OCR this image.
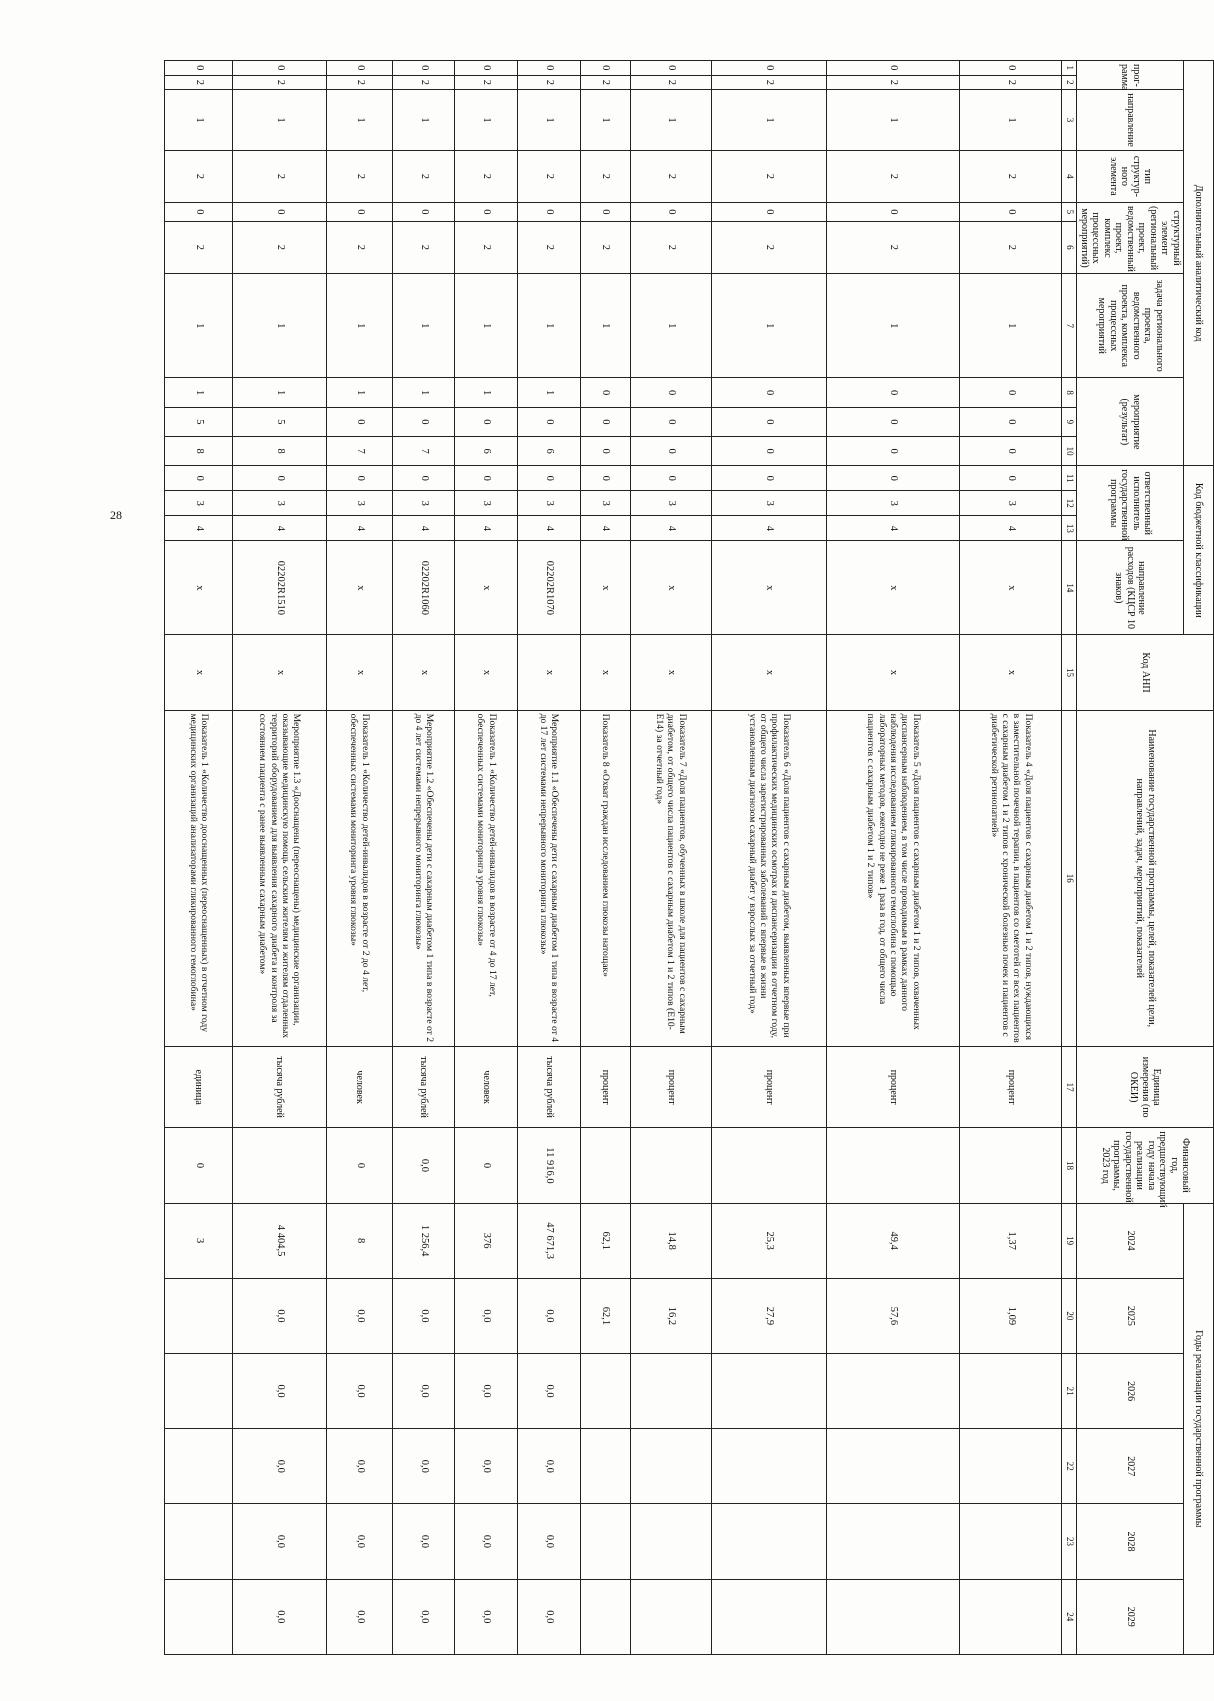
28
Дополнительный аналитический код										Код бюджетной классификации				Код АНП	Наименование государственной программы, целей, показателей цели, направлений, задач, мероприятий, показателей	Единица измерения (по ОКЕИ)	Финансовый год, предшествующий году начала реализации государственной программы, 2023 год	Годы реализации государственной программы					
прог-рамма		направление	тип структур-ного элемента	структурный элемент (региональный проект, ведомственный проект, комплекс процессных мероприятий)		задача регионального проекта, ведомственного проекта, комплекса процессных мероприятий	мероприятие (результат)			ответственный исполнитель государственной программы			направление расходов (КЦСР 10 знаков)					2024	2025	2026	2027	2028	2029
1	2	3	4	5	6	7	8	9	10	11	12	13	14	15	16	17	18	19	20	21	22	23	24
0	2	1	2	0	2	1	0	0	0	0	3	4	x	x	Показатель 4 «Доля пациентов с сахарным диабетом 1 и 2 типов, нуждающихся в заместительной почечной терапии, в пациентов со сметотей от всех пациентов с сахарным диабетом 1 и 2 типов с хронической болезнью почек и пациентов с диабетической ретинопатией»	процент		1,37	1,09				
0	2	1	2	0	2	1	0	0	0	0	3	4	x	x	Показатель 5 «Доля пациентов с сахарным диабетом 1 и 2 типов, охваченных диспансерным наблюдением, в том числе проводимым в рамках данного наблюдения исследованием гликированного гемоглобина с помощью лабораторных методов, ежегодно не реже 1 раза в год, от общего числа пациентов с сахарным диабетом 1 и 2 типов»	процент		49,4	57,6				
0	2	1	2	0	2	1	0	0	0	0	3	4	x	x	Показатель 6 «Доля пациентов с сахарным диабетом, выявленных впервые при профилактических медицинских осмотрах и диспансеризации в отчетном году, от общего числа зарегистрированных заболеваний с впервые в жизни установленным диагнозом сахарный диабет у взрослых за отчетный год»	процент		25,3	27,9				
0	2	1	2	0	2	1	0	0	0	0	3	4	x	x	Показатель 7 «Доля пациентов, обученных в школе для пациентов с сахарным диабетом, от общего числа пациентов с сахарным диабетом 1 и 2 типов (E10-E14) за отчетный год»	процент		14,8	16,2				
0	2	1	2	0	2	1	0	0	0	0	3	4	x	x	Показатель 8 «Охват граждан исследованием глюкозы натощак»	процент		62,1	62,1				
0	2	1	2	0	2	1	1	0	6	0	3	4	02202R1070	x	Мероприятие 1.1 «Обеспечены дети с сахарным диабетом 1 типа в возрасте от 4 до 17 лет системами непрерывного мониторинга глюкозы»	тысяча рублей	11 916,0	47 671,3	0,0	0,0	0,0	0,0	0,0
0	2	1	2	0	2	1	1	0	6	0	3	4	x	x	Показатель 1 «Количество детей-инвалидов в возрасте от 4 до 17 лет, обеспеченных системами мониторинга уровня глюкозы»	человек	0	376	0,0	0,0	0,0	0,0	0,0
0	2	1	2	0	2	1	1	0	7	0	3	4	02202R1060	x	Мероприятие 1.2 «Обеспечены дети с сахарным диабетом 1 типа в возрасте от 2 до 4 лет системами непрерывного мониторинга глюкозы»	тысяча рублей	0,0	1 256,4	0,0	0,0	0,0	0,0	0,0
0	2	1	2	0	2	1	1	0	7	0	3	4	x	x	Показатель 1 «Количество детей-инвалидов в возрасте от 2 до 4 лет, обеспеченных системами мониторинга уровня глюкозы»	человек	0	8	0,0	0,0	0,0	0,0	0,0
0	2	1	2	0	2	1	1	5	8	0	3	4	02202R1510	x	Мероприятие 1.3 «Дооснащены (переоснащены) медицинские организации, оказывающие медицинскую помощь сельским жителям и жителям отдаленных территорий оборудованием для выявления сахарного диабета и контроля за состоянием пациента с ранее выявленным сахарным диабетом»	тысяча рублей		4 404,5	0,0	0,0	0,0	0,0	0,0
0	2	1	2	0	2	1	1	5	8	0	3	4	x	x	Показатель 1 «Количество дооснащенных (переоснащенных) в отчетном году медицинских организаций анализаторами гликированного гемоглобина»	единица	0	3					
